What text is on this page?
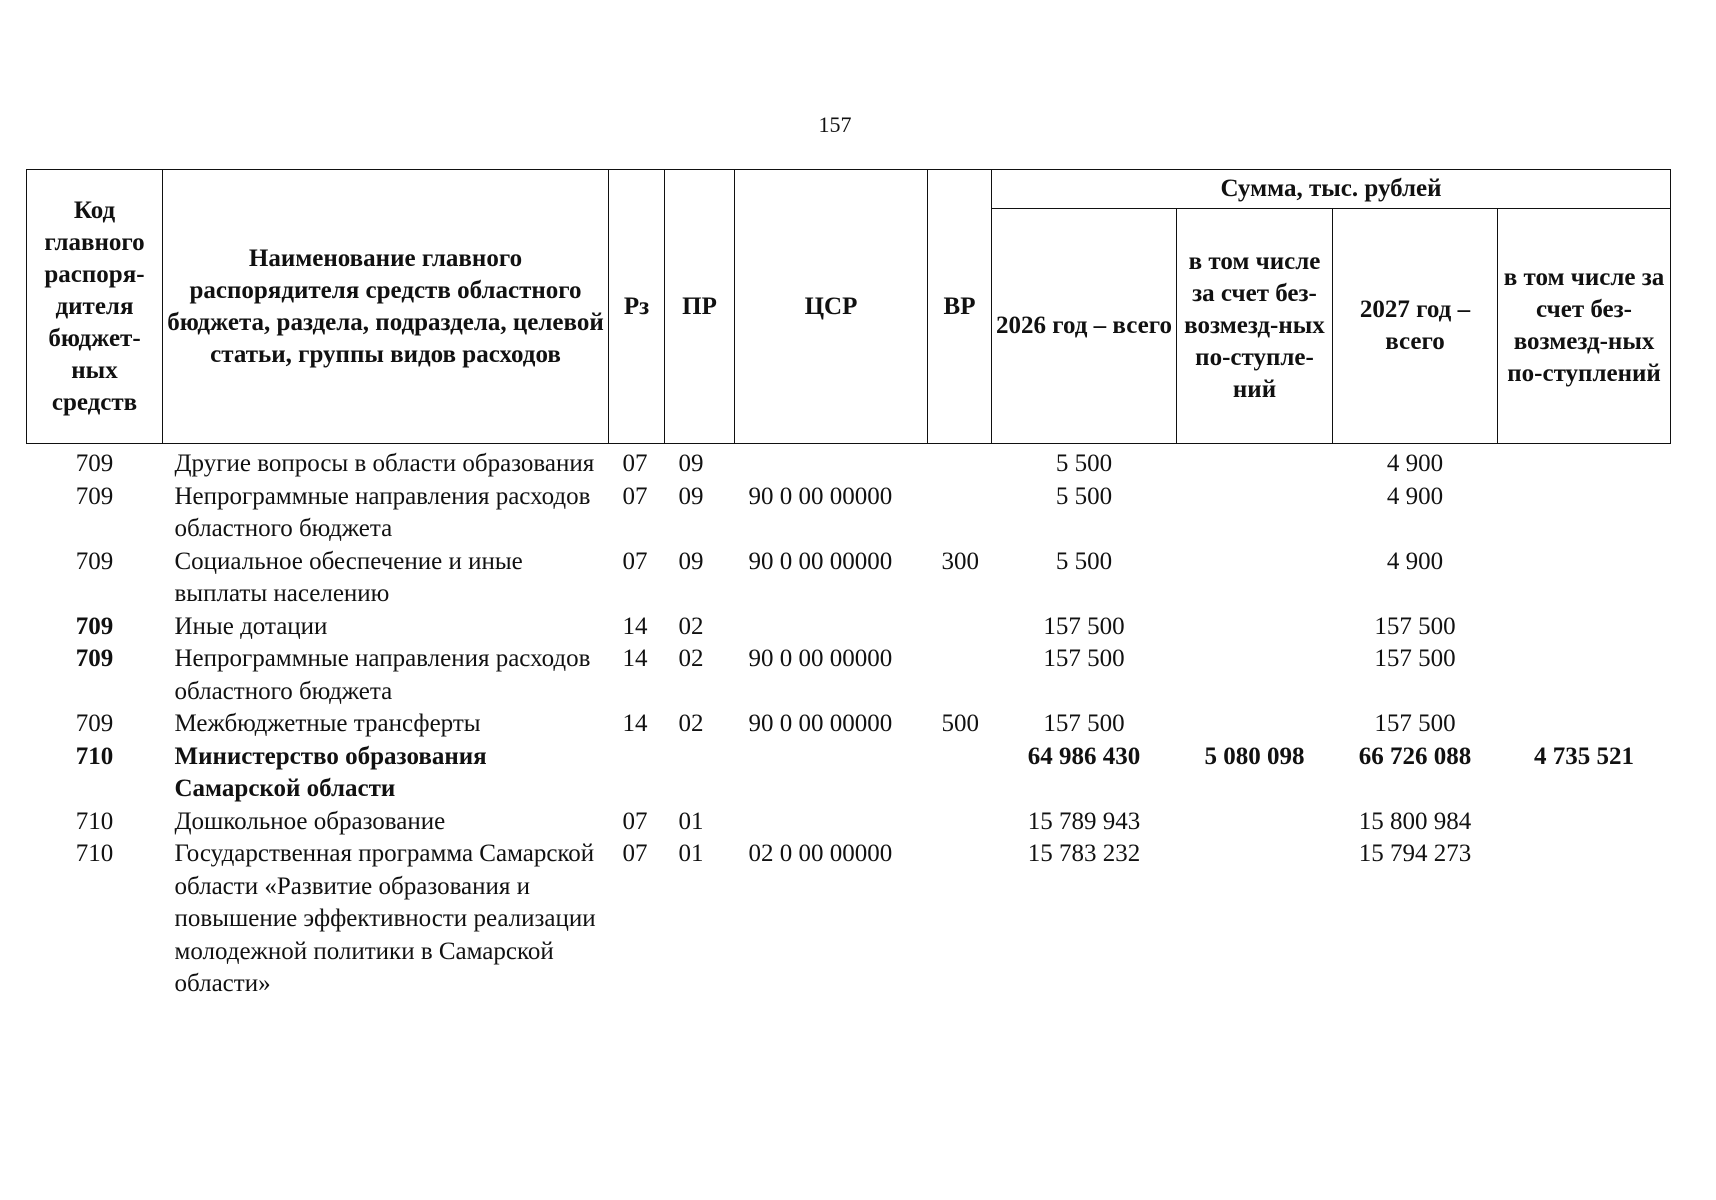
157
Код главного распоря-дителя бюджет-ных средств	Наименование главного распорядителя средств областного бюджета, раздела, подраздела, целевой статьи, группы видов расходов	Рз	ПР	ЦСР	ВР	Сумма, тыс. рублей			
						2026 год – всего	в том числе за счет без-возмезд-ных по-ступле-ний	2027 год – всего	в том числе за счет без-возмезд-ных по-ступлений
709	Другие вопросы в области образования	07	09			5 500		4 900	
709	Непрограммные направления расходов областного бюджета	07	09	90 0 00 00000		5 500		4 900	
709	Социальное обеспечение и иные выплаты населению	07	09	90 0 00 00000	300	5 500		4 900	
709	Иные дотации	14	02			157 500		157 500	
709	Непрограммные направления расходов областного бюджета	14	02	90 0 00 00000		157 500		157 500	
709	Межбюджетные трансферты	14	02	90 0 00 00000	500	157 500		157 500	
710	Министерство образования Самарской области					64 986 430	5 080 098	66 726 088	4 735 521
710	Дошкольное образование	07	01			15 789 943		15 800 984	
710	Государственная программа Самарской области «Развитие образования и повышение эффективности реализации молодежной политики в Самарской области»	07	01	02 0 00 00000		15 783 232		15 794 273	
